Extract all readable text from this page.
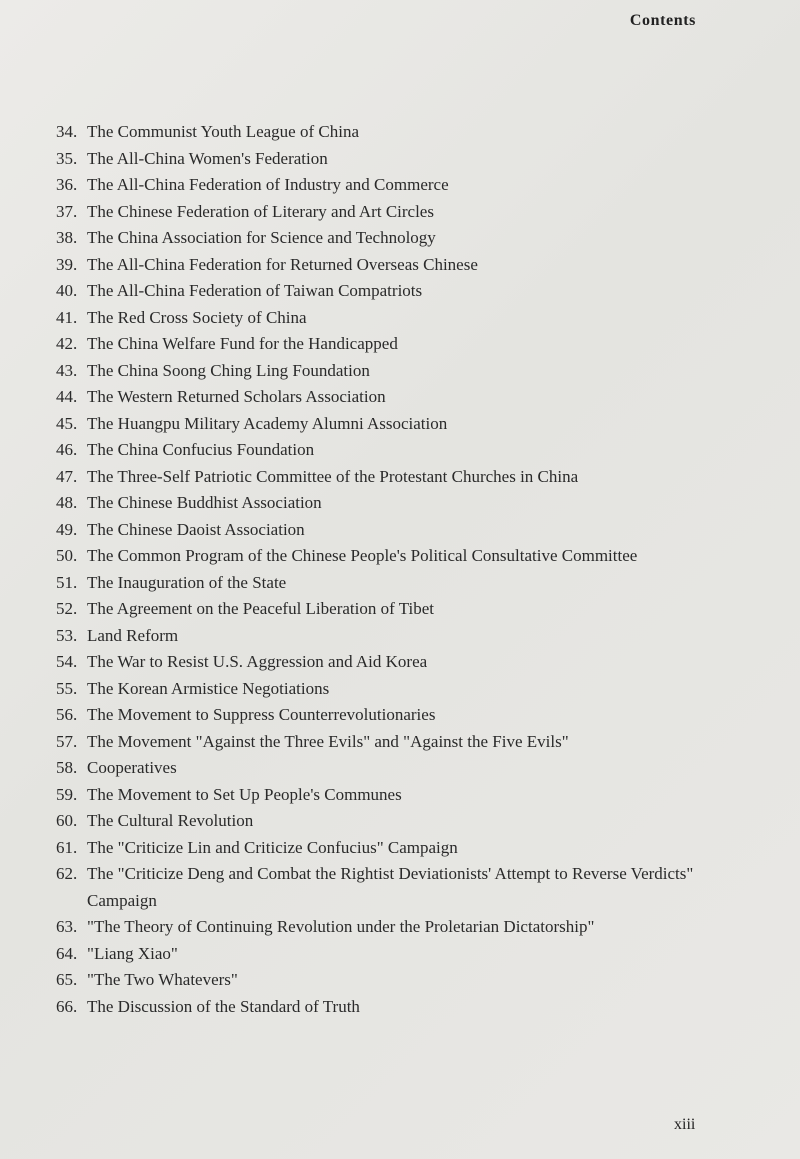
Contents
34. The Communist Youth League of China
35. The All-China Women's Federation
36. The All-China Federation of Industry and Commerce
37. The Chinese Federation of Literary and Art Circles
38. The China Association for Science and Technology
39. The All-China Federation for Returned Overseas Chinese
40. The All-China Federation of Taiwan Compatriots
41. The Red Cross Society of China
42. The China Welfare Fund for the Handicapped
43. The China Soong Ching Ling Foundation
44. The Western Returned Scholars Association
45. The Huangpu Military Academy Alumni Association
46. The China Confucius Foundation
47. The Three-Self Patriotic Committee of the Protestant Churches in China
48. The Chinese Buddhist Association
49. The Chinese Daoist Association
50. The Common Program of the Chinese People's Political Consultative Committee
51. The Inauguration of the State
52. The Agreement on the Peaceful Liberation of Tibet
53. Land Reform
54. The War to Resist U.S. Aggression and Aid Korea
55. The Korean Armistice Negotiations
56. The Movement to Suppress Counterrevolutionaries
57. The Movement "Against the Three Evils" and "Against the Five Evils"
58. Cooperatives
59. The Movement to Set Up People's Communes
60. The Cultural Revolution
61. The "Criticize Lin and Criticize Confucius" Campaign
62. The "Criticize Deng and Combat the Rightist Deviationists' Attempt to Reverse Verdicts" Campaign
63. "The Theory of Continuing Revolution under the Proletarian Dictatorship"
64. "Liang Xiao"
65. "The Two Whatevers"
66. The Discussion of the Standard of Truth
xiii
